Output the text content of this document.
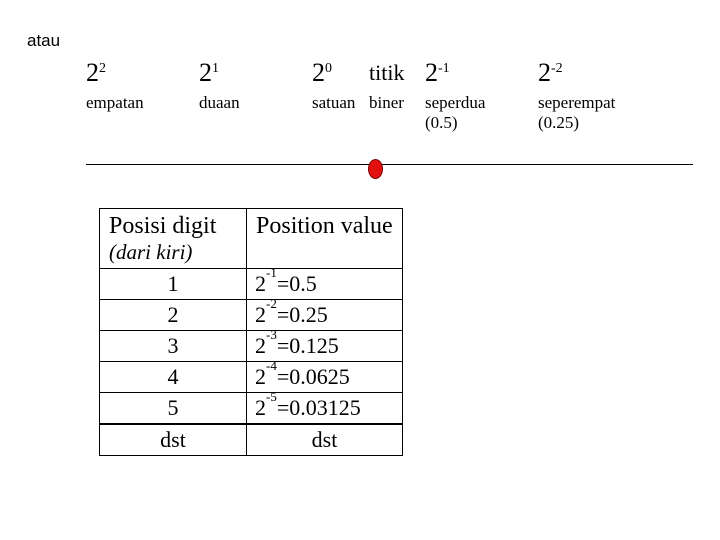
atau
$2^2$
empatan
$2^1$
duaan
$2^0$
satuan
titik
biner
$2^{-1}$
seperdua
(0.5)
$2^{-2}$
seperempat
(0.25)
Posisi digit
(dari kiri)	Position value

1	$2^{-1}=0.5$
2	$2^{-2}=0.25$
3	$2^{-3}=0.125$
4	$2^{-4}=0.0625$
5	$2^{-5}=0.03125$
dst	dst
